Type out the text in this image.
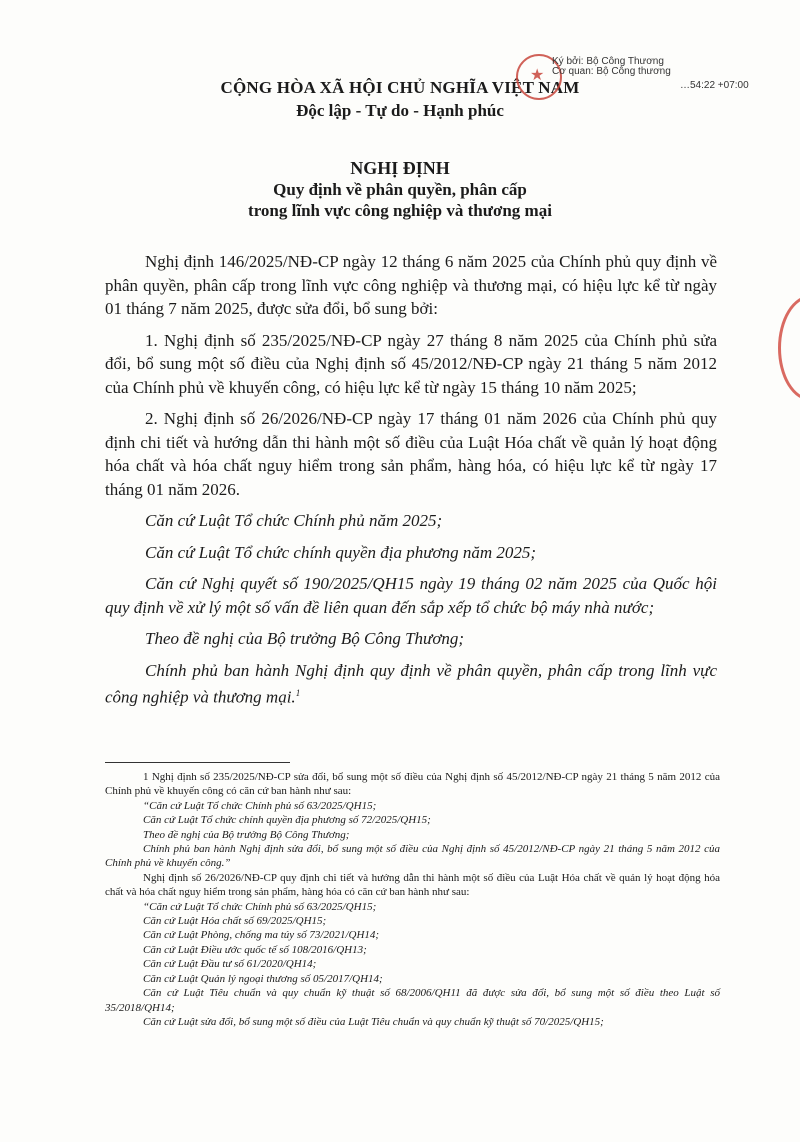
CỘNG HÒA XÃ HỘI CHỦ NGHĨA VIỆT NAM
Độc lập - Tự do - Hạnh phúc
★
Ký bởi: Bộ Công Thương
Cơ quan: Bộ Công thương
…54:22 +07:00
NGHỊ ĐỊNH
Quy định về phân quyền, phân cấp
trong lĩnh vực công nghiệp và thương mại

Nghị định 146/2025/NĐ-CP ngày 12 tháng 6 năm 2025 của Chính phủ quy định về phân quyền, phân cấp trong lĩnh vực công nghiệp và thương mại, có hiệu lực kể từ ngày 01 tháng 7 năm 2025, được sửa đổi, bổ sung bởi:

1. Nghị định số 235/2025/NĐ-CP ngày 27 tháng 8 năm 2025 của Chính phủ sửa đổi, bổ sung một số điều của Nghị định số 45/2012/NĐ-CP ngày 21 tháng 5 năm 2012 của Chính phủ về khuyến công, có hiệu lực kể từ ngày 15 tháng 10 năm 2025;

2. Nghị định số 26/2026/NĐ-CP ngày 17 tháng 01 năm 2026 của Chính phủ quy định chi tiết và hướng dẫn thi hành một số điều của Luật Hóa chất về quản lý hoạt động hóa chất và hóa chất nguy hiểm trong sản phẩm, hàng hóa, có hiệu lực kể từ ngày 17 tháng 01 năm 2026.

Căn cứ Luật Tổ chức Chính phủ năm 2025;

Căn cứ Luật Tổ chức chính quyền địa phương năm 2025;

Căn cứ Nghị quyết số 190/2025/QH15 ngày 19 tháng 02 năm 2025 của Quốc hội quy định về xử lý một số vấn đề liên quan đến sắp xếp tổ chức bộ máy nhà nước;

Theo đề nghị của Bộ trưởng Bộ Công Thương;

Chính phủ ban hành Nghị định quy định về phân quyền, phân cấp trong lĩnh vực công nghiệp và thương mại.$^1$

1 Nghị định số 235/2025/NĐ-CP sửa đổi, bổ sung một số điều của Nghị định số 45/2012/NĐ-CP ngày 21 tháng 5 năm 2012 của Chính phủ về khuyến công có căn cứ ban hành như sau:

“Căn cứ Luật Tổ chức Chính phủ số 63/2025/QH15;

Căn cứ Luật Tổ chức chính quyền địa phương số 72/2025/QH15;

Theo đề nghị của Bộ trưởng Bộ Công Thương;

Chính phủ ban hành Nghị định sửa đổi, bổ sung một số điều của Nghị định số 45/2012/NĐ-CP ngày 21 tháng 5 năm 2012 của Chính phủ về khuyến công.”

Nghị định số 26/2026/NĐ-CP quy định chi tiết và hướng dẫn thi hành một số điều của Luật Hóa chất về quản lý hoạt động hóa chất và hóa chất nguy hiểm trong sản phẩm, hàng hóa có căn cứ ban hành như sau:

“Căn cứ Luật Tổ chức Chính phủ số 63/2025/QH15;

Căn cứ Luật Hóa chất số 69/2025/QH15;

Căn cứ Luật Phòng, chống ma túy số 73/2021/QH14;

Căn cứ Luật Điều ước quốc tế số 108/2016/QH13;

Căn cứ Luật Đầu tư số 61/2020/QH14;

Căn cứ Luật Quản lý ngoại thương số 05/2017/QH14;

Căn cứ Luật Tiêu chuẩn và quy chuẩn kỹ thuật số 68/2006/QH11 đã được sửa đổi, bổ sung một số điều theo Luật số 35/2018/QH14;

Căn cứ Luật sửa đổi, bổ sung một số điều của Luật Tiêu chuẩn và quy chuẩn kỹ thuật số 70/2025/QH15;
